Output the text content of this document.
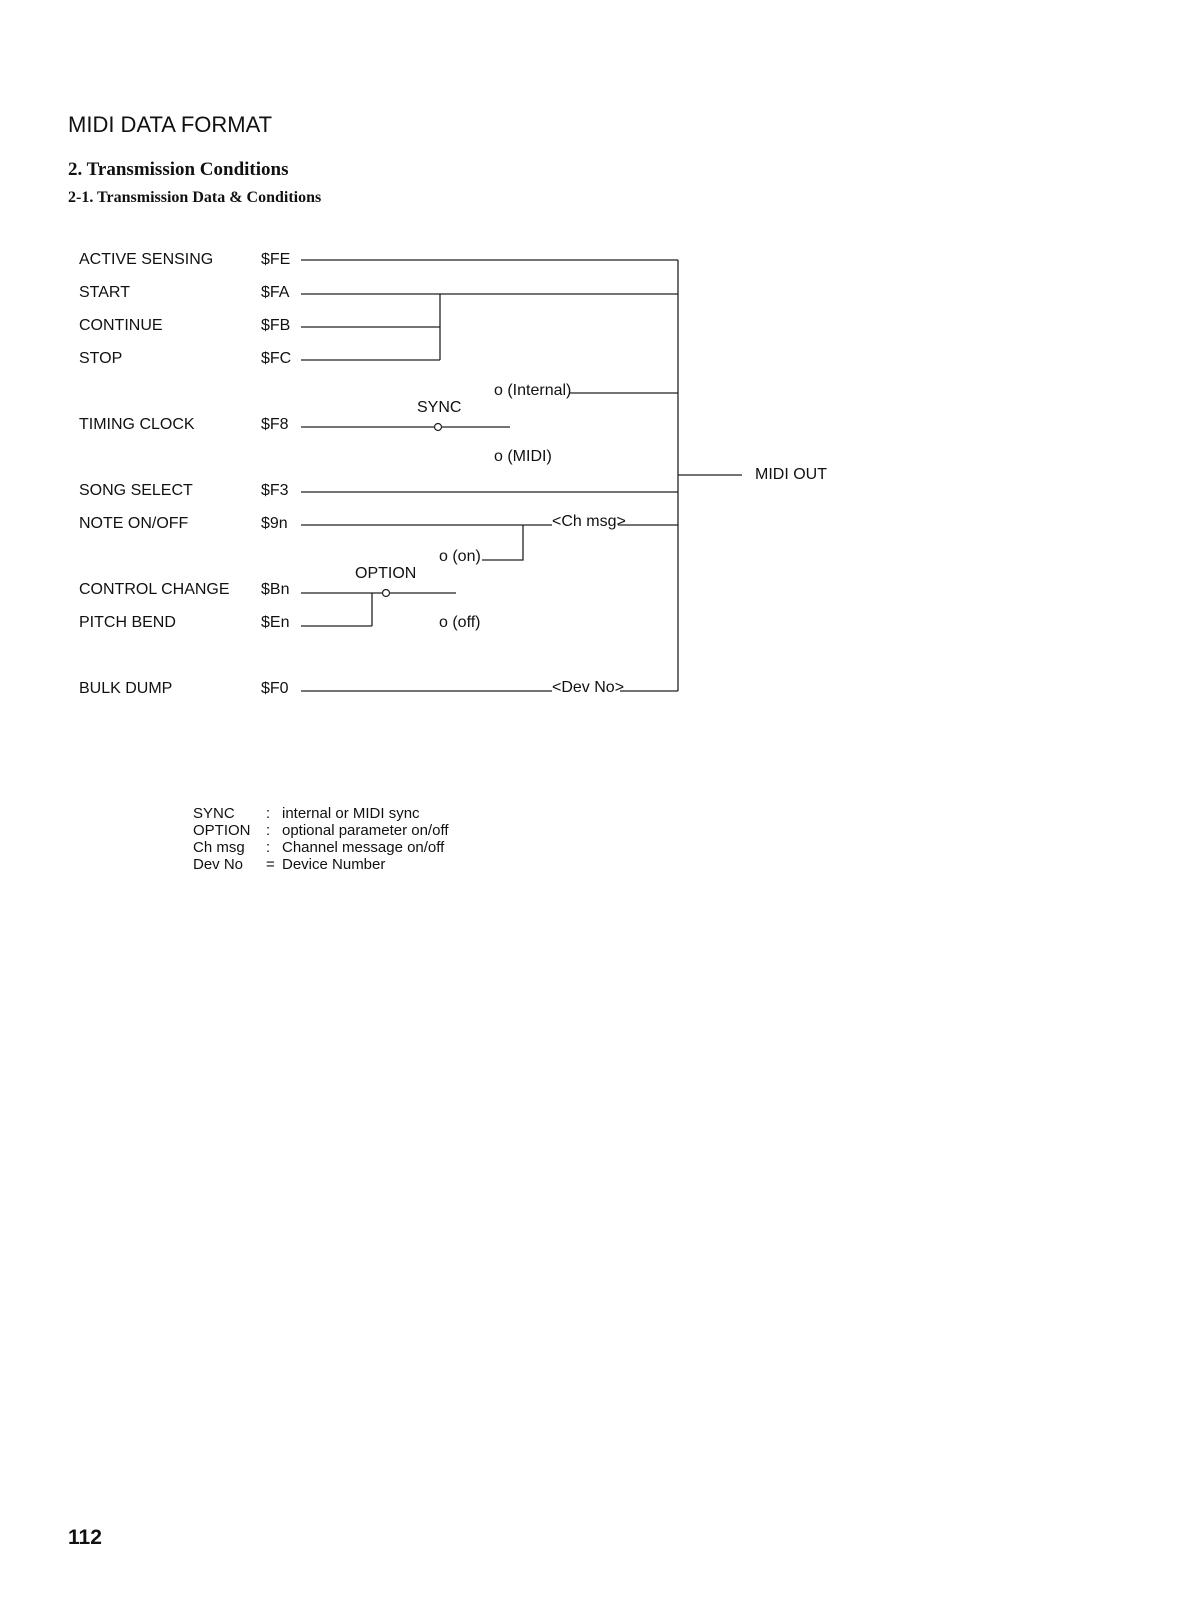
MIDI DATA FORMAT
2. Transmission Conditions
2-1. Transmission Data & Conditions
ACTIVE SENSING
START
CONTINUE
STOP
TIMING CLOCK
SONG SELECT
NOTE ON/OFF
CONTROL CHANGE
PITCH BEND
BULK DUMP
$FE
$FA
$FB
$FC
$F8
$F3
$9n
$Bn
$En
$F0
SYNC
o (Internal)
o (MIDI)
OPTION
o (on)
o (off)
<Ch msg>
<Dev No>
MIDI OUT
SYNC
OPTION
Ch msg
Dev No
:
:
:
=
internal or MIDI sync
optional parameter on/off
Channel message on/off
Device Number
112
